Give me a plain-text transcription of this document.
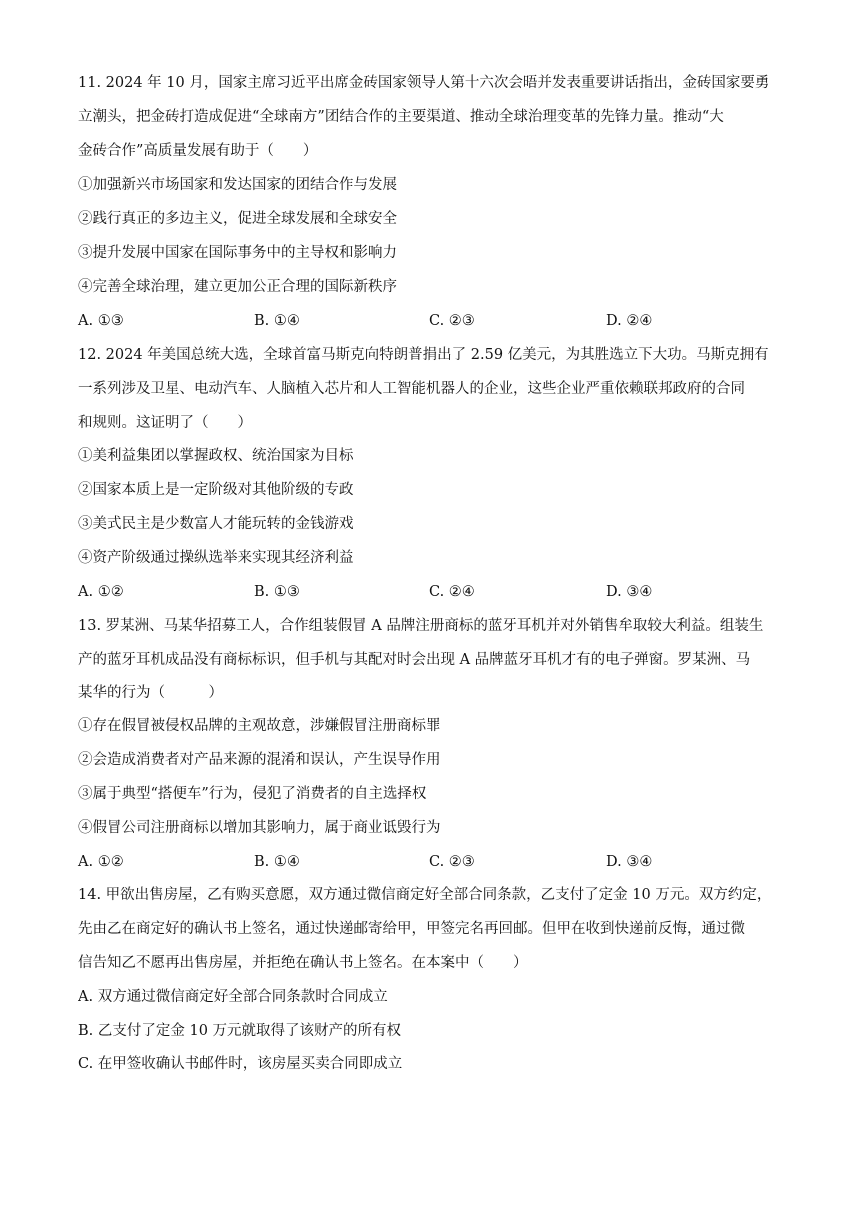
11. 2024 年 10 月，国家主席习近平出席金砖国家领导人第十六次会晤并发表重要讲话指出，金砖国家要勇
立潮头，把金砖打造成促进“全球南方”团结合作的主要渠道、推动全球治理变革的先锋力量。推动“大
金砖合作”高质量发展有助于（　　）
①加强新兴市场国家和发达国家的团结合作与发展
②践行真正的多边主义，促进全球发展和全球安全
③提升发展中国家在国际事务中的主导权和影响力
④完善全球治理，建立更加公正合理的国际新秩序
A. ①③	B. ①④	C. ②③	D. ②④
12. 2024 年美国总统大选，全球首富马斯克向特朗普捐出了 2.59 亿美元，为其胜选立下大功。马斯克拥有
一系列涉及卫星、电动汽车、人脑植入芯片和人工智能机器人的企业，这些企业严重依赖联邦政府的合同
和规则。这证明了（　　）
①美利益集团以掌握政权、统治国家为目标
②国家本质上是一定阶级对其他阶级的专政
③美式民主是少数富人才能玩转的金钱游戏
④资产阶级通过操纵选举来实现其经济利益
A. ①②	B. ①③	C. ②④	D. ③④
13. 罗某洲、马某华招募工人，合作组装假冒 A 品牌注册商标的蓝牙耳机并对外销售牟取较大利益。组装生
产的蓝牙耳机成品没有商标标识，但手机与其配对时会出现 A 品牌蓝牙耳机才有的电子弹窗。罗某洲、马
某华的行为（　　　）
①存在假冒被侵权品牌的主观故意，涉嫌假冒注册商标罪
②会造成消费者对产品来源的混淆和误认，产生误导作用
③属于典型“搭便车”行为，侵犯了消费者的自主选择权
④假冒公司注册商标以增加其影响力，属于商业诋毁行为
A. ①②	B. ①④	C. ②③	D. ③④
14. 甲欲出售房屋，乙有购买意愿，双方通过微信商定好全部合同条款，乙支付了定金 10 万元。双方约定，
先由乙在商定好的确认书上签名，通过快递邮寄给甲，甲签完名再回邮。但甲在收到快递前反悔，通过微
信告知乙不愿再出售房屋，并拒绝在确认书上签名。在本案中（　　）
A. 双方通过微信商定好全部合同条款时合同成立
B. 乙支付了定金 10 万元就取得了该财产的所有权
C. 在甲签收确认书邮件时，该房屋买卖合同即成立
